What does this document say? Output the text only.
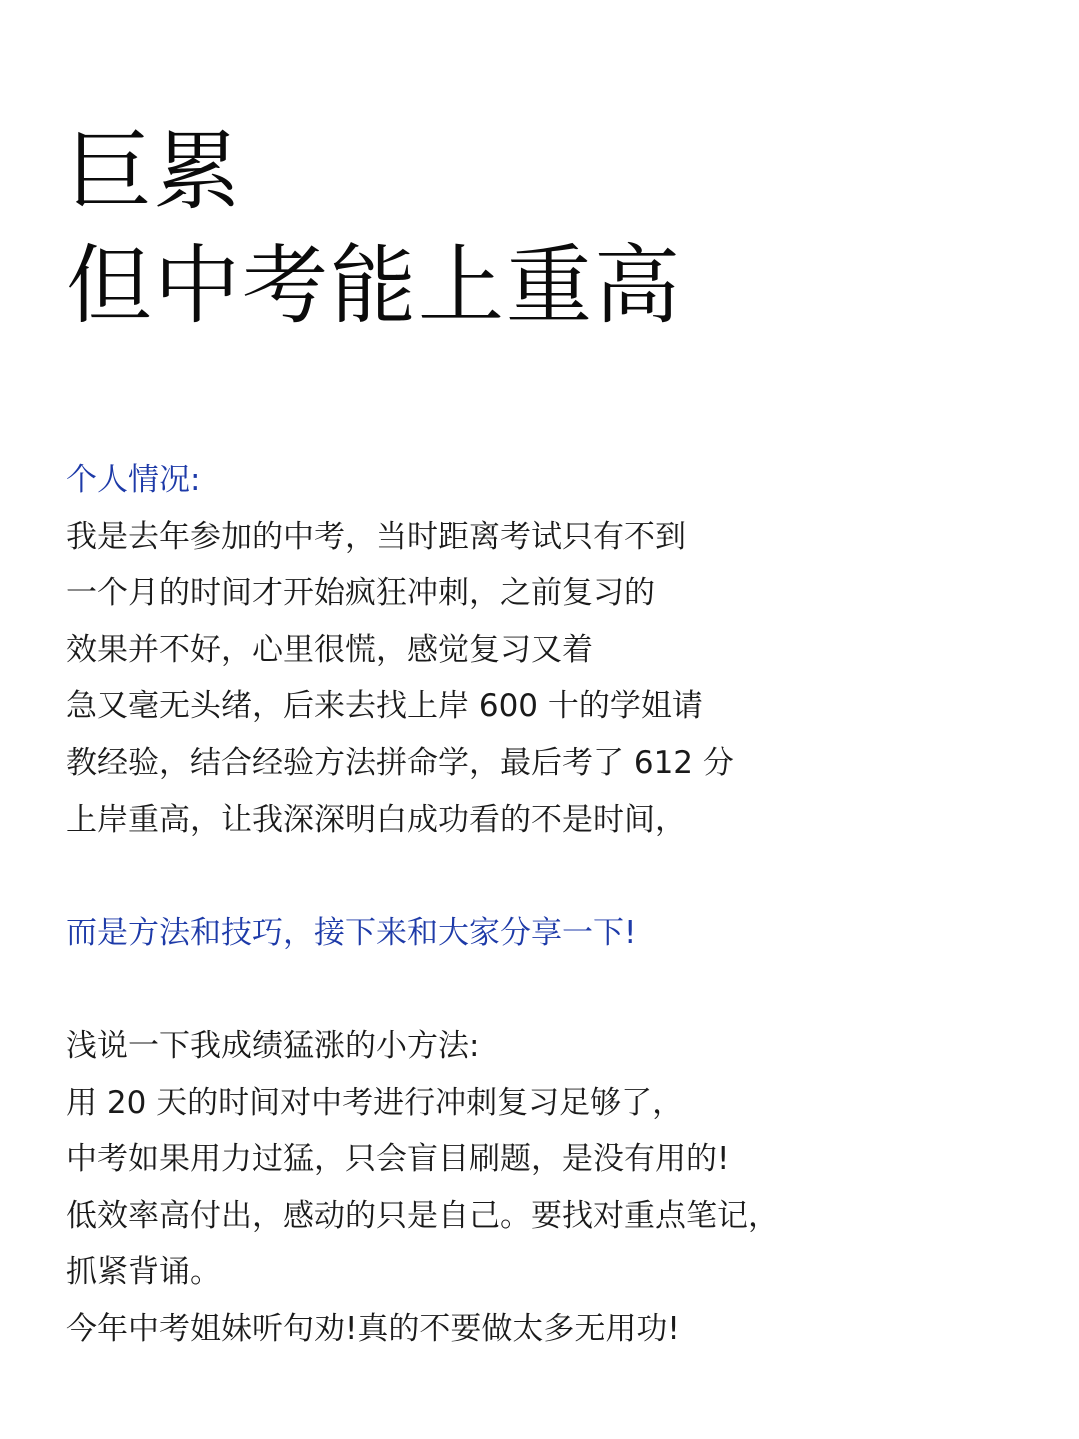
巨累
但中考能上重高
个人情况:
我是去年参加的中考，当时距离考试只有不到
一个月的时间才开始疯狂冲刺，之前复习的
效果并不好，心里很慌，感觉复习又着
急又毫无头绪，后来去找上岸 600 十的学姐请
教经验，结合经验方法拼命学，最后考了 612 分
上岸重高，让我深深明白成功看的不是时间，
而是方法和技巧，接下来和大家分享一下!
浅说一下我成绩猛涨的小方法:
用 20 天的时间对中考进行冲刺复习足够了，
中考如果用力过猛，只会盲目刷题，是没有用的!
低效率高付出，感动的只是自己。要找对重点笔记，
抓紧背诵。
今年中考姐妹听句劝!真的不要做太多无用功!
